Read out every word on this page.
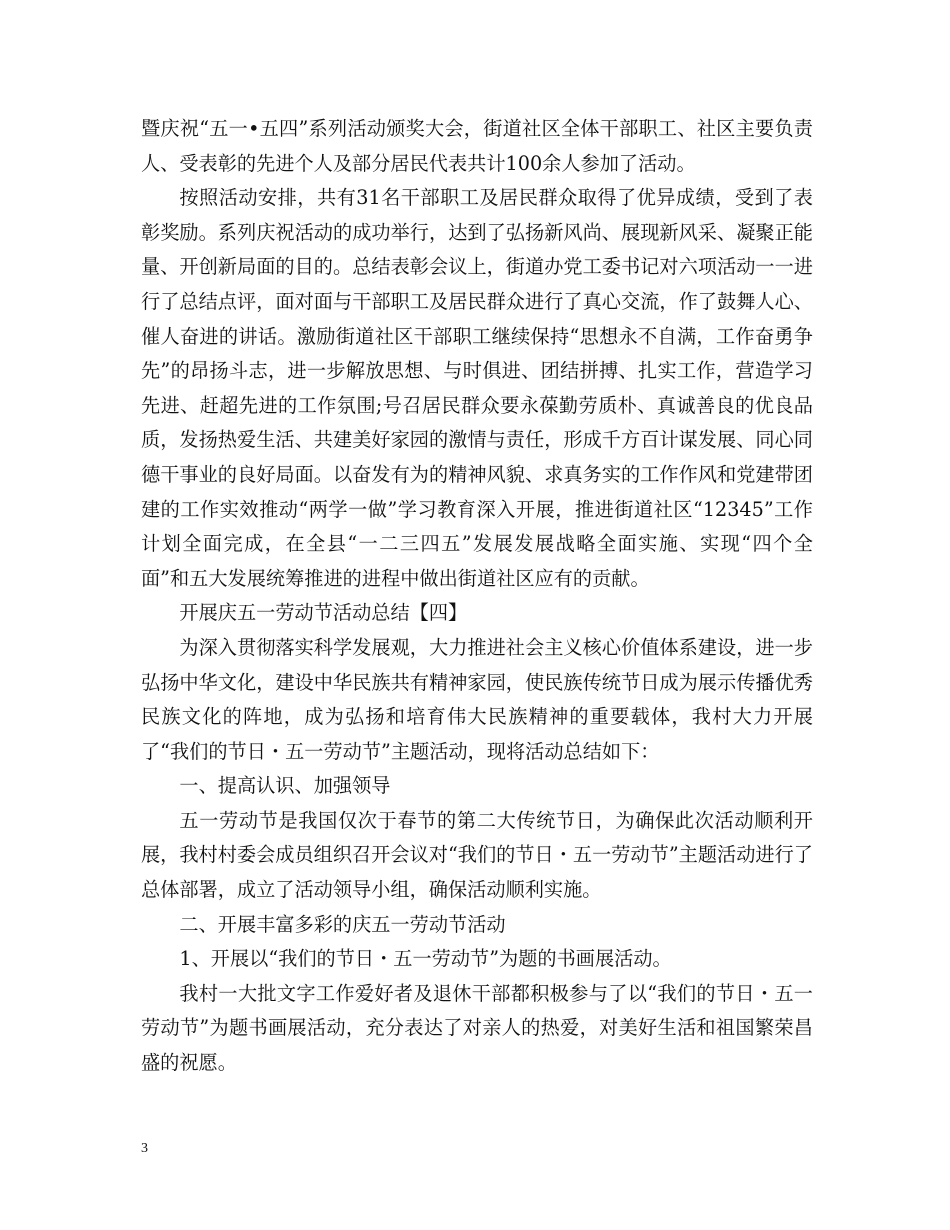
暨庆祝“五一•五四”系列活动颁奖大会，街道社区全体干部职工、社区主要负责人、受表彰的先进个人及部分居民代表共计100余人参加了活动。

按照活动安排，共有31名干部职工及居民群众取得了优异成绩，受到了表彰奖励。系列庆祝活动的成功举行，达到了弘扬新风尚、展现新风采、凝聚正能量、开创新局面的目的。总结表彰会议上，街道办党工委书记对六项活动一一进行了总结点评，面对面与干部职工及居民群众进行了真心交流，作了鼓舞人心、催人奋进的讲话。激励街道社区干部职工继续保持“思想永不自满，工作奋勇争先”的昂扬斗志，进一步解放思想、与时俱进、团结拼搏、扎实工作，营造学习先进、赶超先进的工作氛围;号召居民群众要永葆勤劳质朴、真诚善良的优良品质，发扬热爱生活、共建美好家园的激情与责任，形成千方百计谋发展、同心同德干事业的良好局面。以奋发有为的精神风貌、求真务实的工作作风和党建带团建的工作实效推动“两学一做”学习教育深入开展，推进街道社区“12345”工作计划全面完成，在全县“一二三四五”发展发展战略全面实施、实现“四个全面”和五大发展统筹推进的进程中做出街道社区应有的贡献。

开展庆五一劳动节活动总结【四】

为深入贯彻落实科学发展观，大力推进社会主义核心价值体系建设，进一步弘扬中华文化，建设中华民族共有精神家园，使民族传统节日成为展示传播优秀民族文化的阵地，成为弘扬和培育伟大民族精神的重要载体，我村大力开展了“我们的节日・五一劳动节”主题活动，现将活动总结如下：

一、提高认识、加强领导

五一劳动节是我国仅次于春节的第二大传统节日，为确保此次活动顺利开展，我村村委会成员组织召开会议对“我们的节日・五一劳动节”主题活动进行了总体部署，成立了活动领导小组，确保活动顺利实施。

二、开展丰富多彩的庆五一劳动节活动

1、开展以“我们的节日・五一劳动节”为题的书画展活动。

我村一大批文字工作爱好者及退休干部都积极参与了以“我们的节日・五一劳动节”为题书画展活动，充分表达了对亲人的热爱，对美好生活和祖国繁荣昌盛的祝愿。

3
